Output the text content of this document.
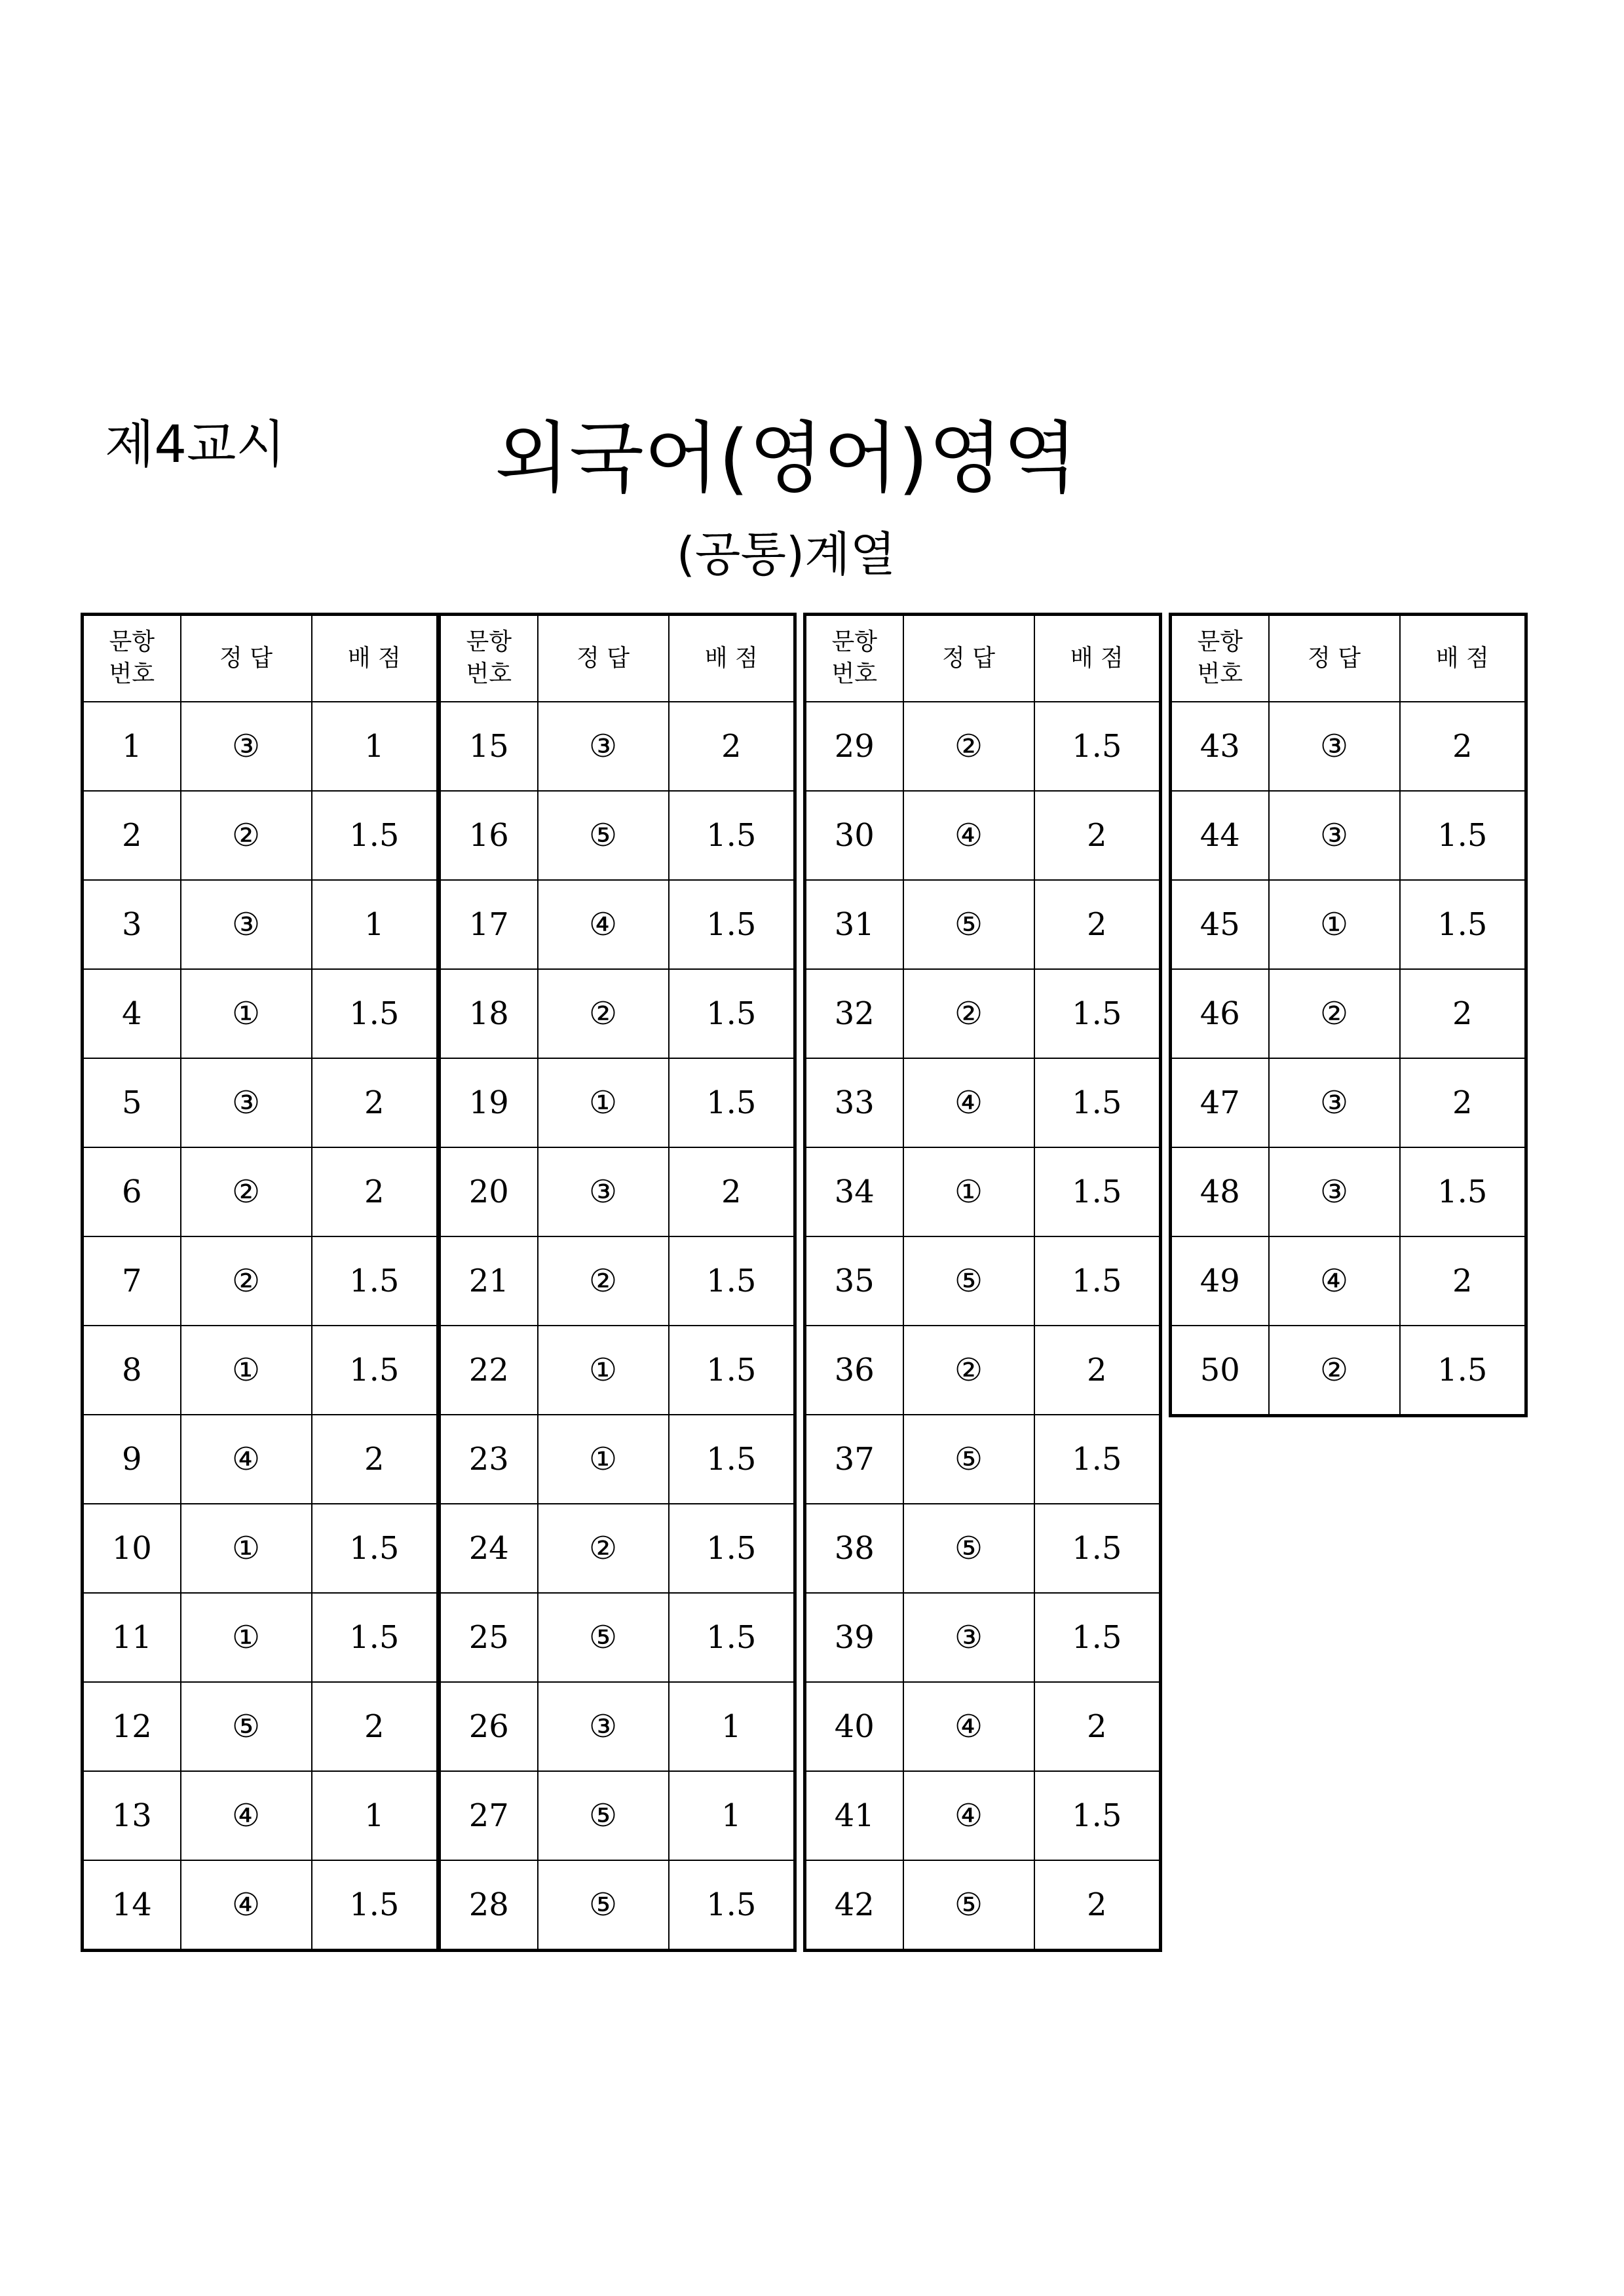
제4교시	외국어(영어)영역
(공통)계열
문항
번호	정 답	배 점
1	③	1
2	②	1.5
3	③	1
4	①	1.5
5	③	2
6	②	2
7	②	1.5
8	①	1.5
9	④	2
10	①	1.5
11	①	1.5
12	⑤	2
13	④	1
14	④	1.5
문항
번호	정 답	배 점
15	③	2
16	⑤	1.5
17	④	1.5
18	②	1.5
19	①	1.5
20	③	2
21	②	1.5
22	①	1.5
23	①	1.5
24	②	1.5
25	⑤	1.5
26	③	1
27	⑤	1
28	⑤	1.5
문항
번호	정 답	배 점
29	②	1.5
30	④	2
31	⑤	2
32	②	1.5
33	④	1.5
34	①	1.5
35	⑤	1.5
36	②	2
37	⑤	1.5
38	⑤	1.5
39	③	1.5
40	④	2
41	④	1.5
42	⑤	2
문항
번호	정 답	배 점
43	③	2
44	③	1.5
45	①	1.5
46	②	2
47	③	2
48	③	1.5
49	④	2
50	②	1.5
